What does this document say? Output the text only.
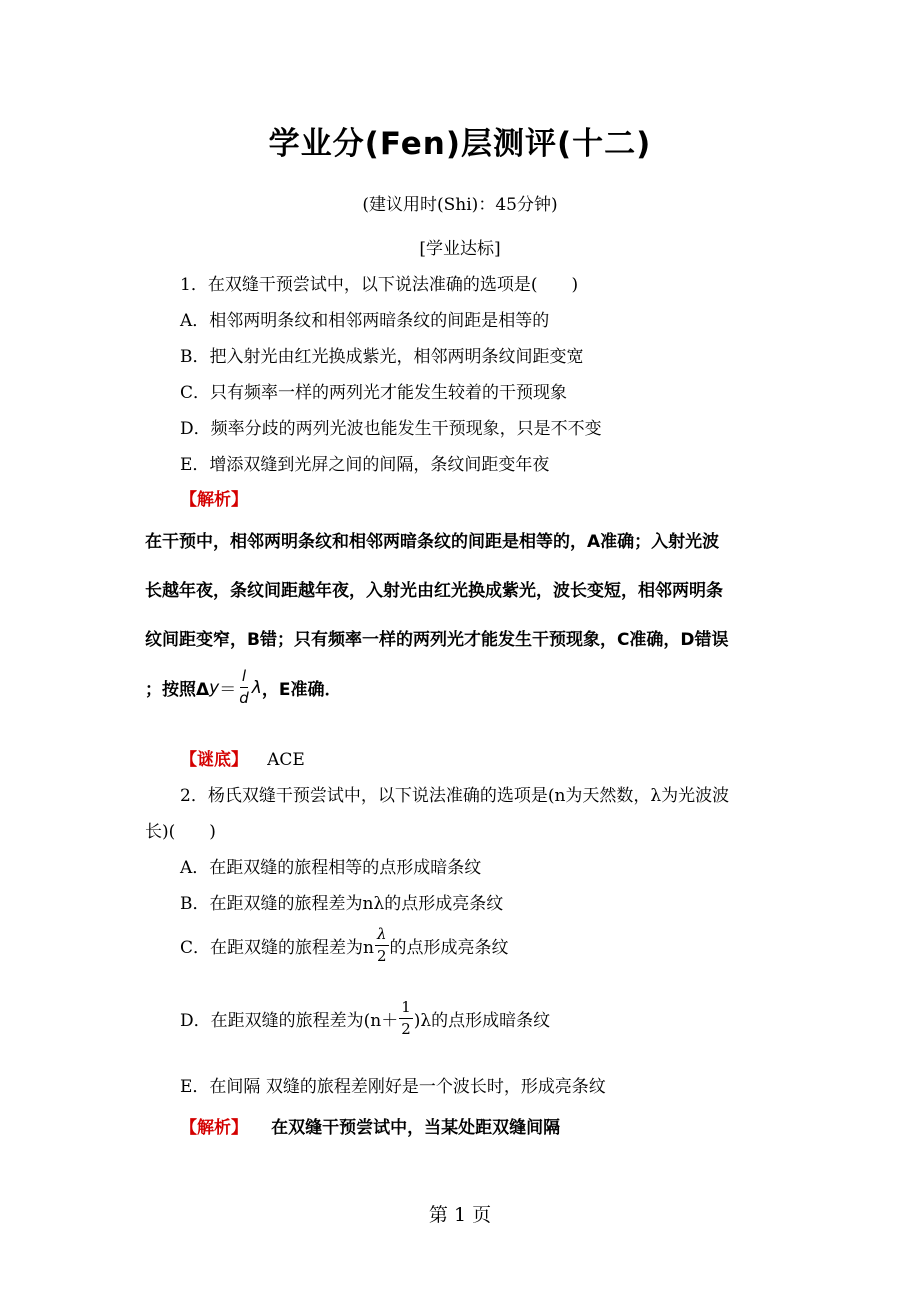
学业分(Fen)层测评(十二)
(建议用时(Shi)：45分钟)
[学业达标]
1．在双缝干预尝试中，以下说法准确的选项是(　　)
A．相邻两明条纹和相邻两暗条纹的间距是相等的
B．把入射光由红光换成紫光，相邻两明条纹间距变宽
C．只有频率一样的两列光才能发生较着的干预现象
D．频率分歧的两列光波也能发生干预现象，只是不不变
E．增添双缝到光屏之间的间隔，条纹间距变年夜
【解析】
在干预中，相邻两明条纹和相邻两暗条纹的间距是相等的，A准确；入射光波
长越年夜，条纹间距越年夜，入射光由红光换成紫光，波长变短，相邻两明条
纹间距变窄，B错；只有频率一样的两列光才能发生干预现象，C准确，D错误
；按照Δ $y = \frac{l}{d}$ λ ，E准确．
【谜底】 ACE
2．杨氏双缝干预尝试中，以下说法准确的选项是(n为天然数，λ为光波波
长)(　　)
A．在距双缝的旅程相等的点形成暗条纹
B．在距双缝的旅程差为nλ的点形成亮条纹
C．在距双缝的旅程差为n $\frac{\lambda}{2}$ 的点形成亮条纹
D．在距双缝的旅程差为$(n+ \frac{1}{2} )\lambda$的点形成暗条纹
E．在间隔 双缝的旅程差刚好是一个波长时，形成亮条纹
【解析】 在双缝干预尝试中，当某处距双缝间隔
第 1 页
